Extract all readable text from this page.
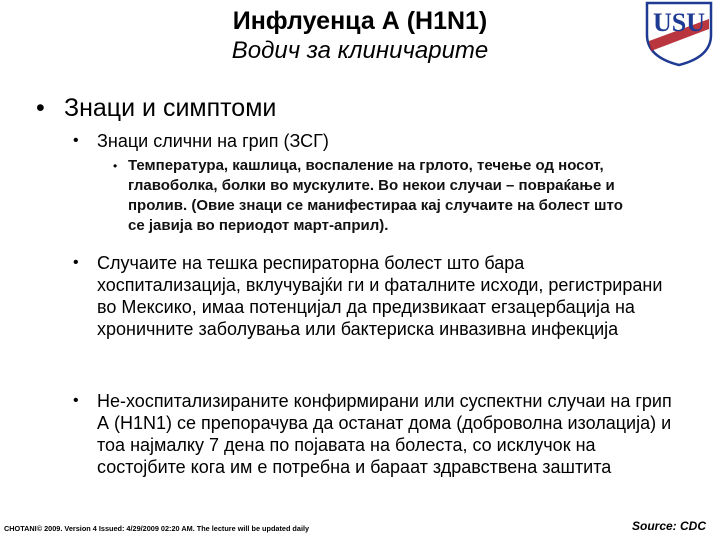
Инфлуенца А (H1N1)
Водич за клиничарите
USU
• Знаци и симптоми
• Знаци слични на грип (ЗСГ)
• Температура, кашлица, воспаление на грлото, течење од носот, главоболка, болки во мускулите. Во некои случаи – повраќање и пролив. (Овие знаци се манифестираа кај случаите на болест што се јавија во периодот март-април).
• Случаите на тешка респираторна болест што бара хоспитализација, вклучувајќи ги и фаталните исходи, регистрирани во Мексико, имаа потенцијал да предизвикаат егзацербација на хроничните заболувања или бактериска инвазивна инфекција
• Не-хоспитализираните конфирмирани или суспектни случаи на грип А (H1N1) се препорачува да останат дома (доброволна изолација) и тоа најмалку 7 дена по појавата на болеста, со исклучок на состојбите кога им е потребна и бараат здравствена заштита
CHOTANI© 2009. Version 4 Issued: 4/29/2009 02:20 AM. The lecture will be updated daily	Source: CDC
